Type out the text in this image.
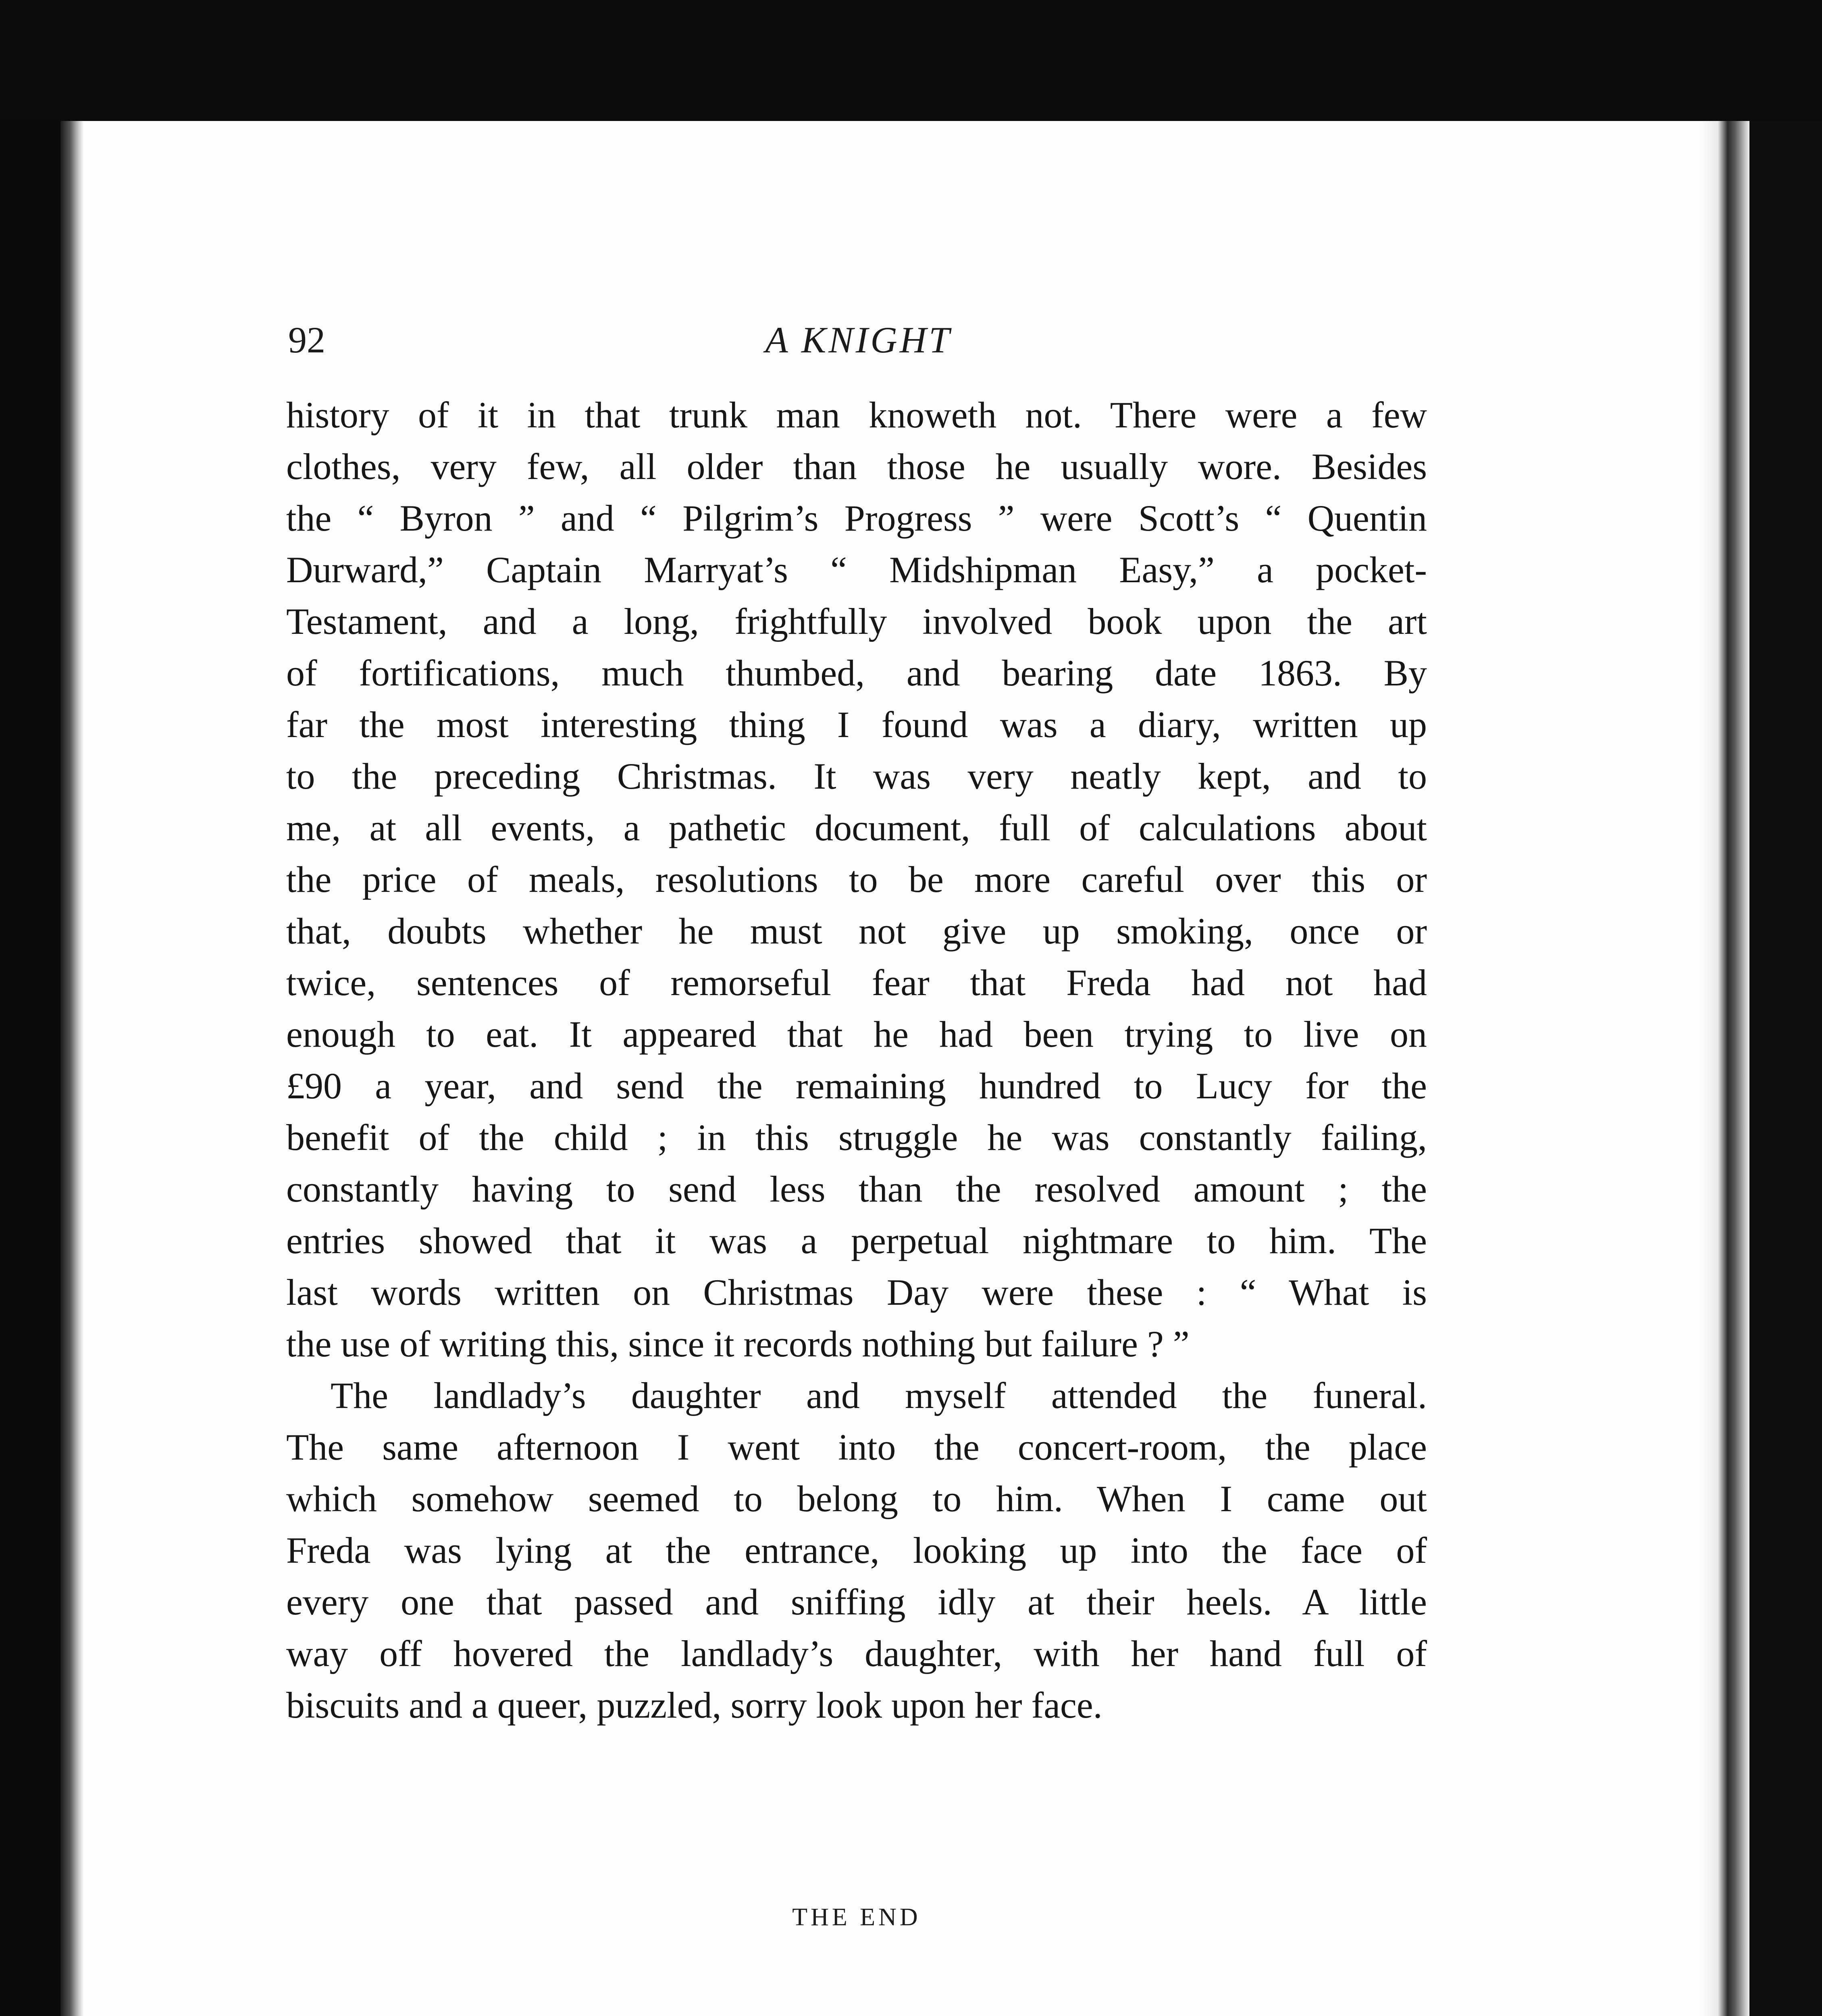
92	A KNIGHT
history of it in that trunk man knoweth not. There were a few
clothes, very few, all older than those he usually wore. Besides
the “ Byron ” and “ Pilgrim’s Progress ” were Scott’s “ Quentin
Durward,” Captain Marryat’s “ Midshipman Easy,” a pocket-
Testament, and a long, frightfully involved book upon the art
of fortifications, much thumbed, and bearing date 1863. By
far the most interesting thing I found was a diary, written up
to the preceding Christmas. It was very neatly kept, and to
me, at all events, a pathetic document, full of calculations about
the price of meals, resolutions to be more careful over this or
that, doubts whether he must not give up smoking, once or
twice, sentences of remorseful fear that Freda had not had
enough to eat. It appeared that he had been trying to live on
£90 a year, and send the remaining hundred to Lucy for the
benefit of the child ; in this struggle he was constantly failing,
constantly having to send less than the resolved amount ; the
entries showed that it was a perpetual nightmare to him. The
last words written on Christmas Day were these : “ What is
the use of writing this, since it records nothing but failure ? ”
The landlady’s daughter and myself attended the funeral.
The same afternoon I went into the concert-room, the place
which somehow seemed to belong to him. When I came out
Freda was lying at the entrance, looking up into the face of
every one that passed and sniffing idly at their heels. A little
way off hovered the landlady’s daughter, with her hand full of
biscuits and a queer, puzzled, sorry look upon her face.
THE END
